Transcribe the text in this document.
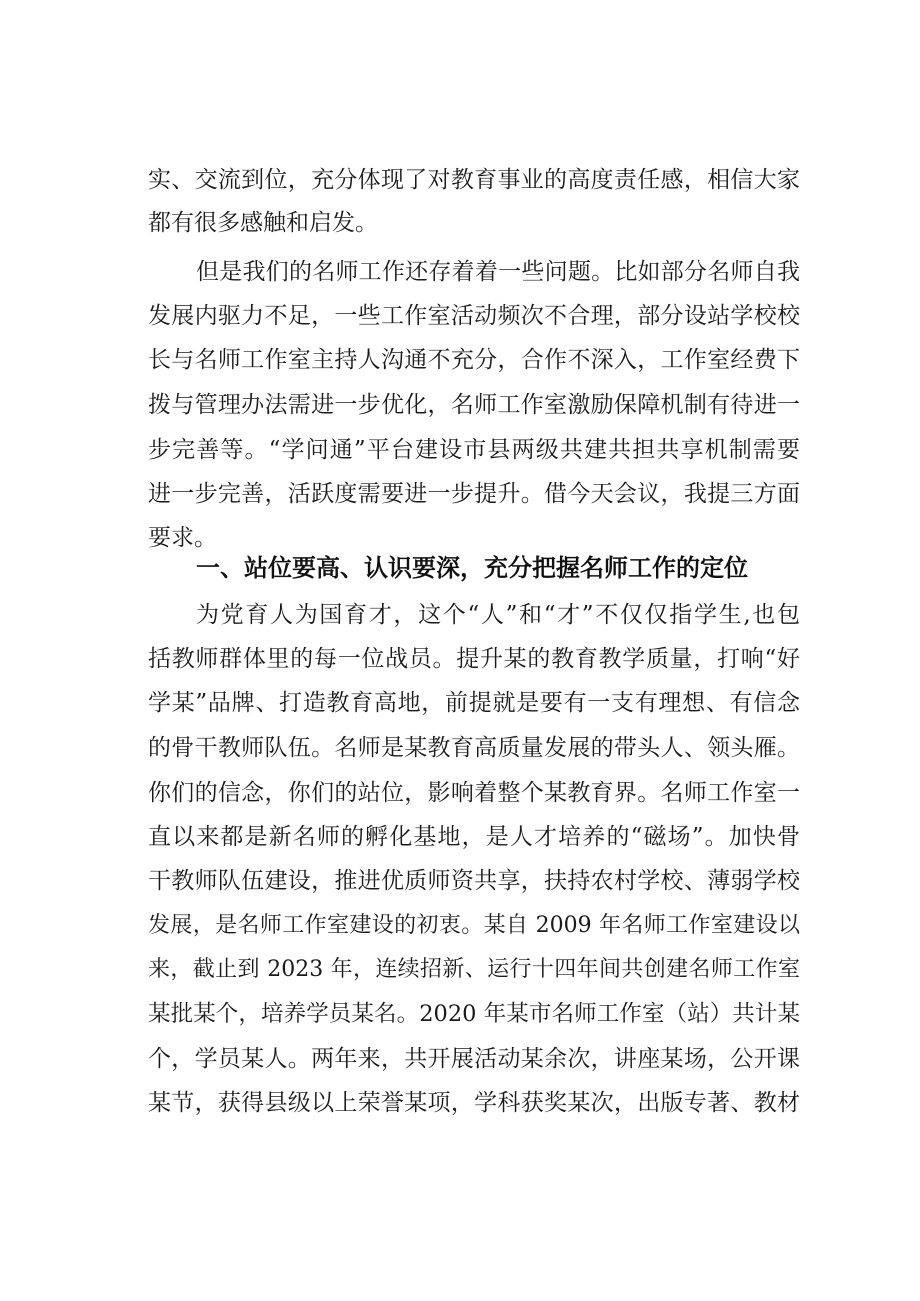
实、交流到位，充分体现了对教育事业的高度责任感，相信大家
都有很多感触和启发。
但是我们的名师工作还存着着一些问题。比如部分名师自我
发展内驱力不足，一些工作室活动频次不合理，部分设站学校校
长与名师工作室主持人沟通不充分，合作不深入，工作室经费下
拨与管理办法需进一步优化，名师工作室激励保障机制有待进一
步完善等。“学问通”平台建设市县两级共建共担共享机制需要
进一步完善，活跃度需要进一步提升。借今天会议，我提三方面
要求。
一、站位要高、认识要深，充分把握名师工作的定位
为党育人为国育才，这个“人”和“才”不仅仅指学生,也包
括教师群体里的每一位战员。提升某的教育教学质量，打响“好
学某”品牌、打造教育高地，前提就是要有一支有理想、有信念
的骨干教师队伍。名师是某教育高质量发展的带头人、领头雁。
你们的信念，你们的站位，影响着整个某教育界。名师工作室一
直以来都是新名师的孵化基地，是人才培养的“磁场”。加快骨
干教师队伍建设，推进优质师资共享，扶持农村学校、薄弱学校
发展，是名师工作室建设的初衷。某自 2009 年名师工作室建设以
来，截止到 2023 年，连续招新、运行十四年间共创建名师工作室
某批某个，培养学员某名。2020 年某市名师工作室（站）共计某
个，学员某人。两年来，共开展活动某余次，讲座某场，公开课
某节，获得县级以上荣誉某项，学科获奖某次，出版专著、教材
